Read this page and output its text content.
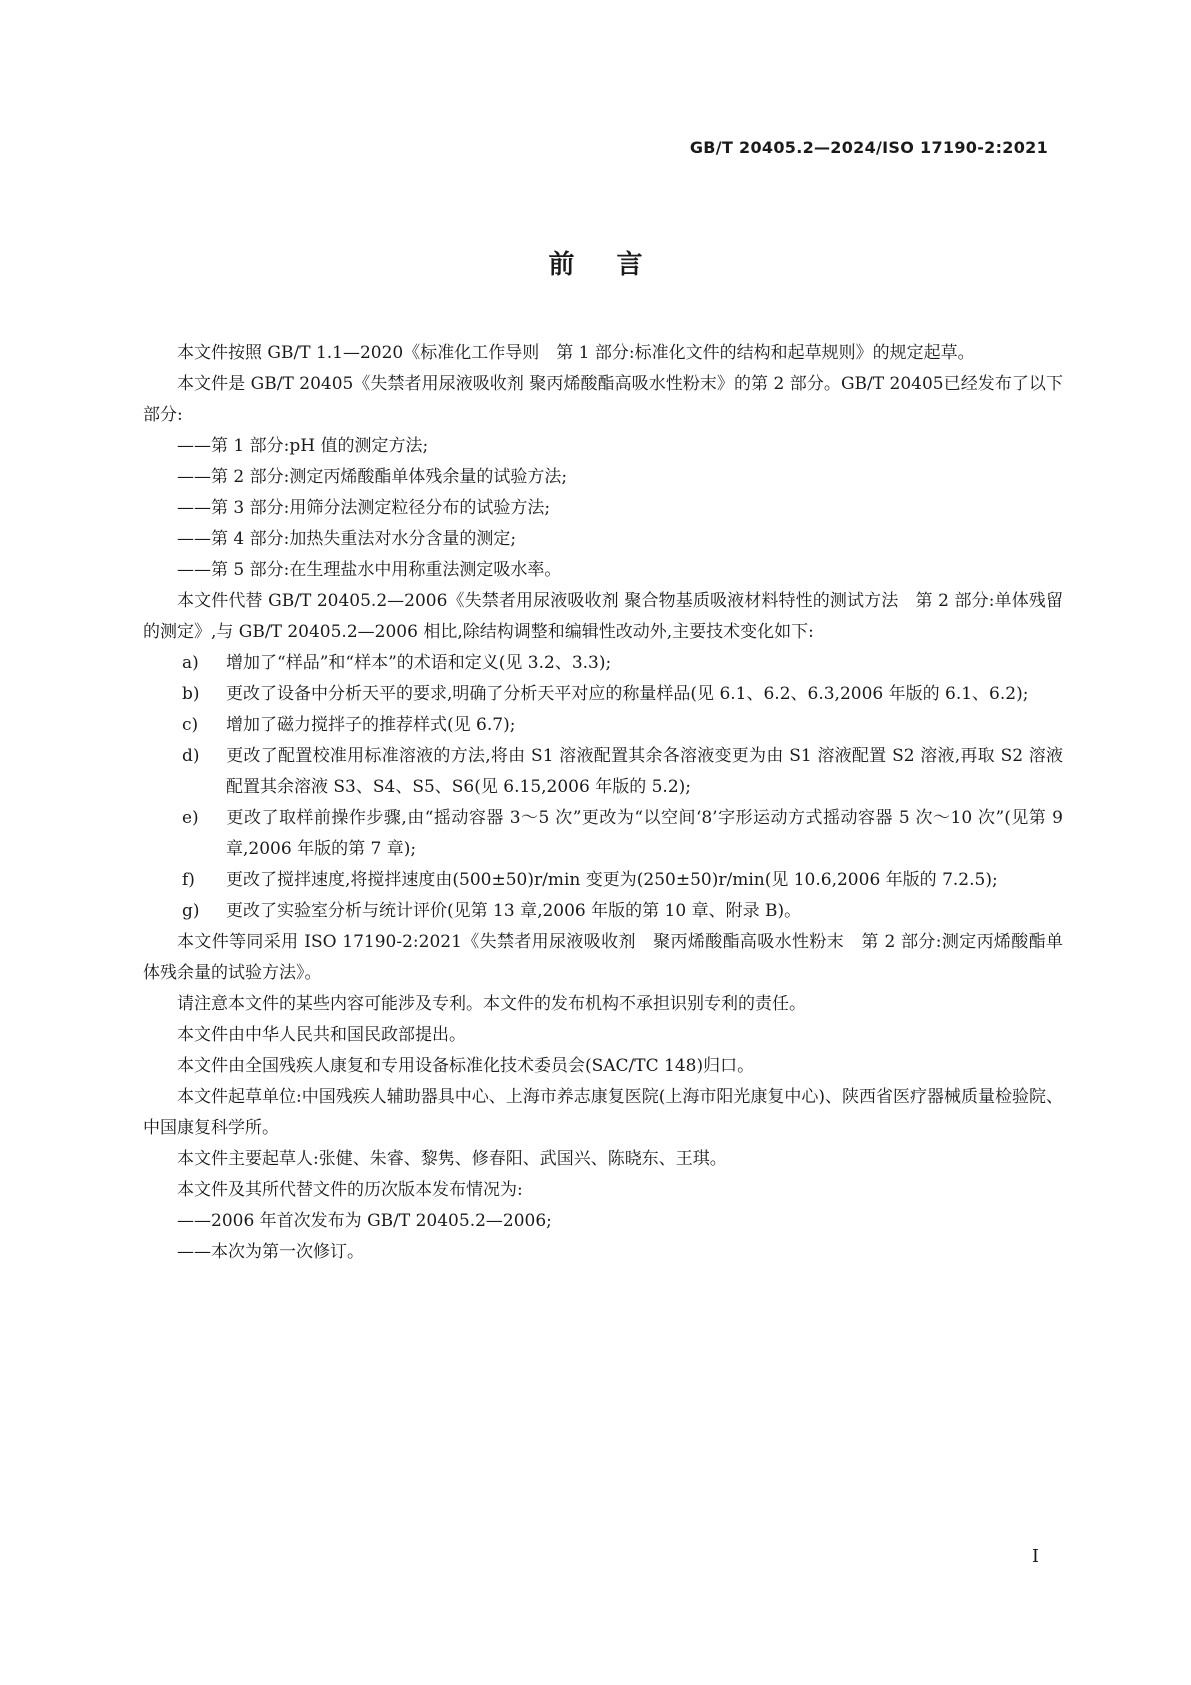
GB/T 20405.2—2024/ISO 17190-2:2021
前言

本文件按照 GB/T 1.1—2020《标准化工作导则　第 1 部分:标准化文件的结构和起草规则》的规定起草。

本文件是 GB/T 20405《失禁者用尿液吸收剂 聚丙烯酸酯高吸水性粉末》的第 2 部分。GB/T 20405已经发布了以下部分:

——第 1 部分:pH 值的测定方法;
——第 2 部分:测定丙烯酸酯单体残余量的试验方法;
——第 3 部分:用筛分法测定粒径分布的试验方法;
——第 4 部分:加热失重法对水分含量的测定;
——第 5 部分:在生理盐水中用称重法测定吸水率。

本文件代替 GB/T 20405.2—2006《失禁者用尿液吸收剂 聚合物基质吸液材料特性的测试方法　第 2 部分:单体残留的测定》,与 GB/T 20405.2—2006 相比,除结构调整和编辑性改动外,主要技术变化如下:

a) 增加了“样品”和“样本”的术语和定义(见 3.2、3.3);
b) 更改了设备中分析天平的要求,明确了分析天平对应的称量样品(见 6.1、6.2、6.3,2006 年版的 6.1、6.2);
c) 增加了磁力搅拌子的推荐样式(见 6.7);
d) 更改了配置校准用标准溶液的方法,将由 S1 溶液配置其余各溶液变更为由 S1 溶液配置 S2 溶液,再取 S2 溶液配置其余溶液 S3、S4、S5、S6(见 6.15,2006 年版的 5.2);
e) 更改了取样前操作步骤,由“摇动容器 3～5 次”更改为“以空间‘8’字形运动方式摇动容器 5 次～10 次”(见第 9 章,2006 年版的第 7 章);
f) 更改了搅拌速度,将搅拌速度由(500±50)r/min 变更为(250±50)r/min(见 10.6,2006 年版的 7.2.5);
g) 更改了实验室分析与统计评价(见第 13 章,2006 年版的第 10 章、附录 B)。

本文件等同采用 ISO 17190-2:2021《失禁者用尿液吸收剂　聚丙烯酸酯高吸水性粉末　第 2 部分:测定丙烯酸酯单体残余量的试验方法》。

请注意本文件的某些内容可能涉及专利。本文件的发布机构不承担识别专利的责任。

本文件由中华人民共和国民政部提出。

本文件由全国残疾人康复和专用设备标准化技术委员会(SAC/TC 148)归口。

本文件起草单位:中国残疾人辅助器具中心、上海市养志康复医院(上海市阳光康复中心)、陕西省医疗器械质量检验院、中国康复科学所。

本文件主要起草人:张健、朱睿、黎隽、修春阳、武国兴、陈晓东、王琪。

本文件及其所代替文件的历次版本发布情况为:

——2006 年首次发布为 GB/T 20405.2—2006;
——本次为第一次修订。
I
